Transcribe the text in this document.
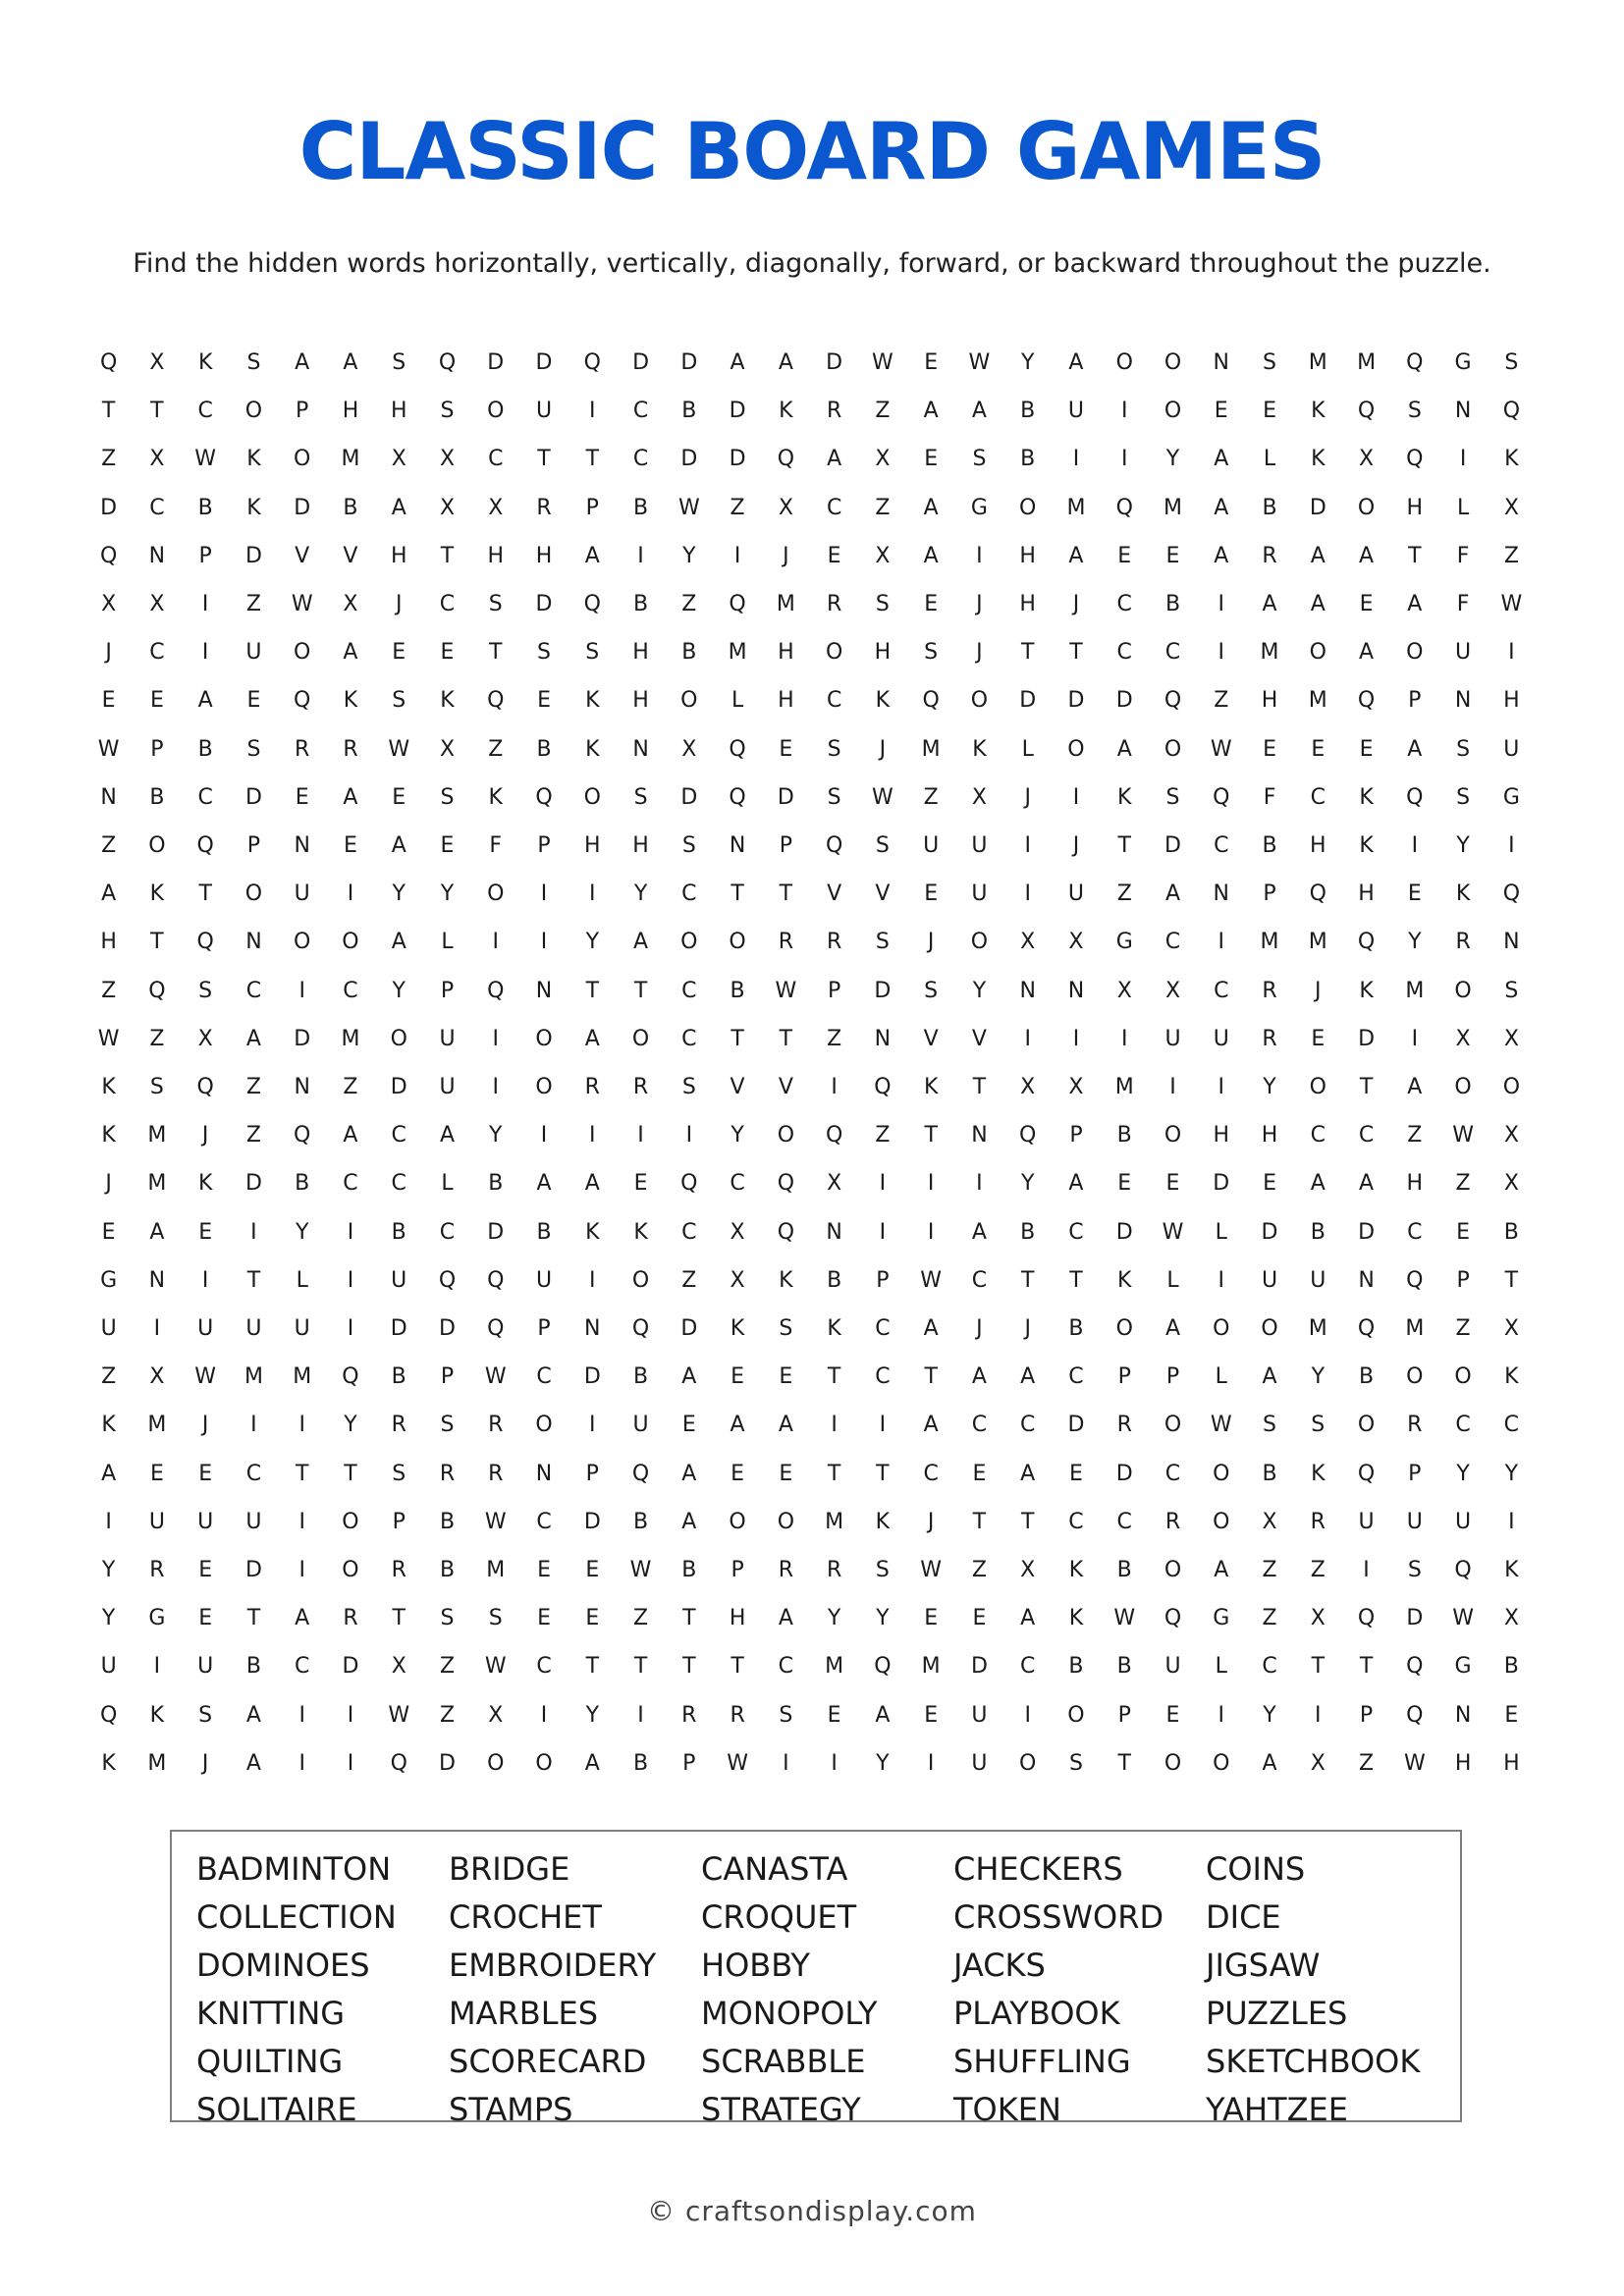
CLASSIC BOARD GAMES
Find the hidden words horizontally, vertically, diagonally, forward, or backward throughout the puzzle.
Q	X	K	S	A	A	S	Q	D	D	Q	D	D	A	A	D	W	E	W	Y	A	O	O	N	S	M	M	Q	G	S
T	T	C	O	P	H	H	S	O	U	I	C	B	D	K	R	Z	A	A	B	U	I	O	E	E	K	Q	S	N	Q
Z	X	W	K	O	M	X	X	C	T	T	C	D	D	Q	A	X	E	S	B	I	I	Y	A	L	K	X	Q	I	K
D	C	B	K	D	B	A	X	X	R	P	B	W	Z	X	C	Z	A	G	O	M	Q	M	A	B	D	O	H	L	X
Q	N	P	D	V	V	H	T	H	H	A	I	Y	I	J	E	X	A	I	H	A	E	E	A	R	A	A	T	F	Z
X	X	I	Z	W	X	J	C	S	D	Q	B	Z	Q	M	R	S	E	J	H	J	C	B	I	A	A	E	A	F	W
J	C	I	U	O	A	E	E	T	S	S	H	B	M	H	O	H	S	J	T	T	C	C	I	M	O	A	O	U	I
E	E	A	E	Q	K	S	K	Q	E	K	H	O	L	H	C	K	Q	O	D	D	D	Q	Z	H	M	Q	P	N	H
W	P	B	S	R	R	W	X	Z	B	K	N	X	Q	E	S	J	M	K	L	O	A	O	W	E	E	E	A	S	U
N	B	C	D	E	A	E	S	K	Q	O	S	D	Q	D	S	W	Z	X	J	I	K	S	Q	F	C	K	Q	S	G
Z	O	Q	P	N	E	A	E	F	P	H	H	S	N	P	Q	S	U	U	I	J	T	D	C	B	H	K	I	Y	I
A	K	T	O	U	I	Y	Y	O	I	I	Y	C	T	T	V	V	E	U	I	U	Z	A	N	P	Q	H	E	K	Q
H	T	Q	N	O	O	A	L	I	I	Y	A	O	O	R	R	S	J	O	X	X	G	C	I	M	M	Q	Y	R	N
Z	Q	S	C	I	C	Y	P	Q	N	T	T	C	B	W	P	D	S	Y	N	N	X	X	C	R	J	K	M	O	S
W	Z	X	A	D	M	O	U	I	O	A	O	C	T	T	Z	N	V	V	I	I	I	U	U	R	E	D	I	X	X
K	S	Q	Z	N	Z	D	U	I	O	R	R	S	V	V	I	Q	K	T	X	X	M	I	I	Y	O	T	A	O	O
K	M	J	Z	Q	A	C	A	Y	I	I	I	I	Y	O	Q	Z	T	N	Q	P	B	O	H	H	C	C	Z	W	X
J	M	K	D	B	C	C	L	B	A	A	E	Q	C	Q	X	I	I	I	Y	A	E	E	D	E	A	A	H	Z	X
E	A	E	I	Y	I	B	C	D	B	K	K	C	X	Q	N	I	I	A	B	C	D	W	L	D	B	D	C	E	B
G	N	I	T	L	I	U	Q	Q	U	I	O	Z	X	K	B	P	W	C	T	T	K	L	I	U	U	N	Q	P	T
U	I	U	U	U	I	D	D	Q	P	N	Q	D	K	S	K	C	A	J	J	B	O	A	O	O	M	Q	M	Z	X
Z	X	W	M	M	Q	B	P	W	C	D	B	A	E	E	T	C	T	A	A	C	P	P	L	A	Y	B	O	O	K
K	M	J	I	I	Y	R	S	R	O	I	U	E	A	A	I	I	A	C	C	D	R	O	W	S	S	O	R	C	C
A	E	E	C	T	T	S	R	R	N	P	Q	A	E	E	T	T	C	E	A	E	D	C	O	B	K	Q	P	Y	Y
I	U	U	U	I	O	P	B	W	C	D	B	A	O	O	M	K	J	T	T	C	C	R	O	X	R	U	U	U	I
Y	R	E	D	I	O	R	B	M	E	E	W	B	P	R	R	S	W	Z	X	K	B	O	A	Z	Z	I	S	Q	K
Y	G	E	T	A	R	T	S	S	E	E	Z	T	H	A	Y	Y	E	E	A	K	W	Q	G	Z	X	Q	D	W	X
U	I	U	B	C	D	X	Z	W	C	T	T	T	T	C	M	Q	M	D	C	B	B	U	L	C	T	T	Q	G	B
Q	K	S	A	I	I	W	Z	X	I	Y	I	R	R	S	E	A	E	U	I	O	P	E	I	Y	I	P	Q	N	E
K	M	J	A	I	I	Q	D	O	O	A	B	P	W	I	I	Y	I	U	O	S	T	O	O	A	X	Z	W	H	H
BADMINTON	BRIDGE	CANASTA	CHECKERS	COINS
COLLECTION	CROCHET	CROQUET	CROSSWORD	DICE
DOMINOES	EMBROIDERY	HOBBY	JACKS	JIGSAW
KNITTING	MARBLES	MONOPOLY	PLAYBOOK	PUZZLES
QUILTING	SCORECARD	SCRABBLE	SHUFFLING	SKETCHBOOK
SOLITAIRE	STAMPS	STRATEGY	TOKEN	YAHTZEE
© craftsondisplay.com
